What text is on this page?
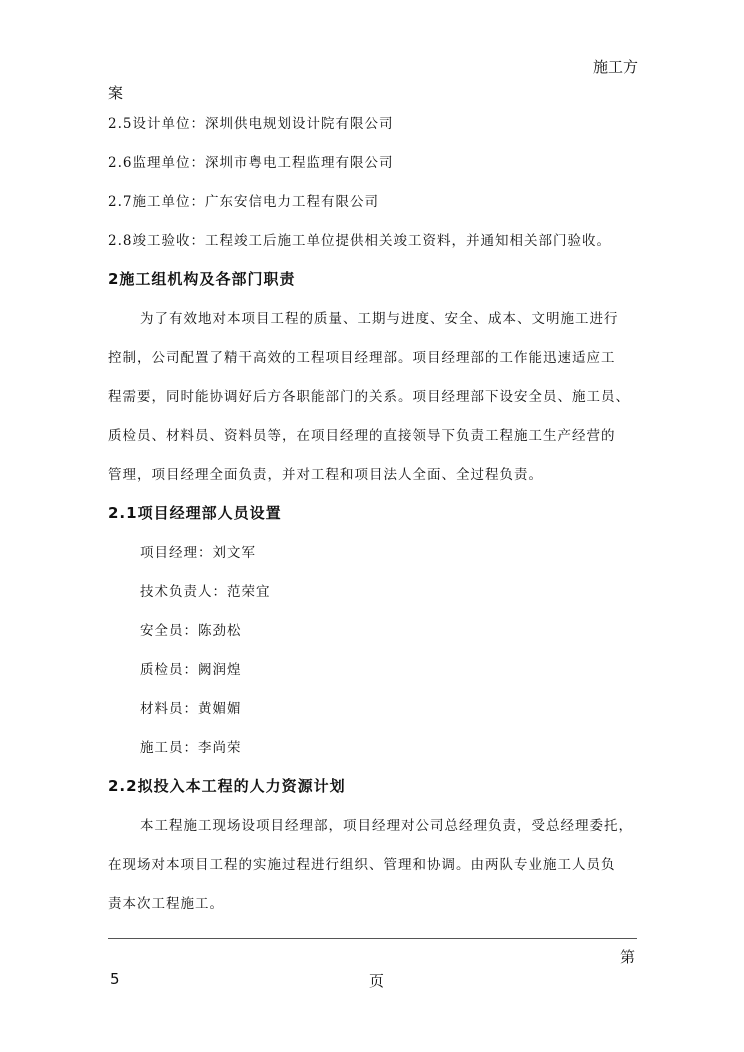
施工方
案
2.5设计单位：深圳供电规划设计院有限公司
2.6监理单位：深圳市粤电工程监理有限公司
2.7施工单位：广东安信电力工程有限公司
2.8竣工验收：工程竣工后施工单位提供相关竣工资料，并通知相关部门验收。
2施工组机构及各部门职责
为了有效地对本项目工程的质量、工期与进度、安全、成本、文明施工进行
控制，公司配置了精干高效的工程项目经理部。项目经理部的工作能迅速适应工
程需要，同时能协调好后方各职能部门的关系。项目经理部下设安全员、施工员、
质检员、材料员、资料员等，在项目经理的直接领导下负责工程施工生产经营的
管理，项目经理全面负责，并对工程和项目法人全面、全过程负责。
2.1项目经理部人员设置
项目经理：刘文军
技术负责人：范荣宜
安全员：陈劲松
质检员：阙润煌
材料员：黄媚媚
施工员：李尚荣
2.2拟投入本工程的人力资源计划
本工程施工现场设项目经理部，项目经理对公司总经理负责，受总经理委托，
在现场对本项目工程的实施过程进行组织、管理和协调。由两队专业施工人员负
责本次工程施工。
第
5	页
